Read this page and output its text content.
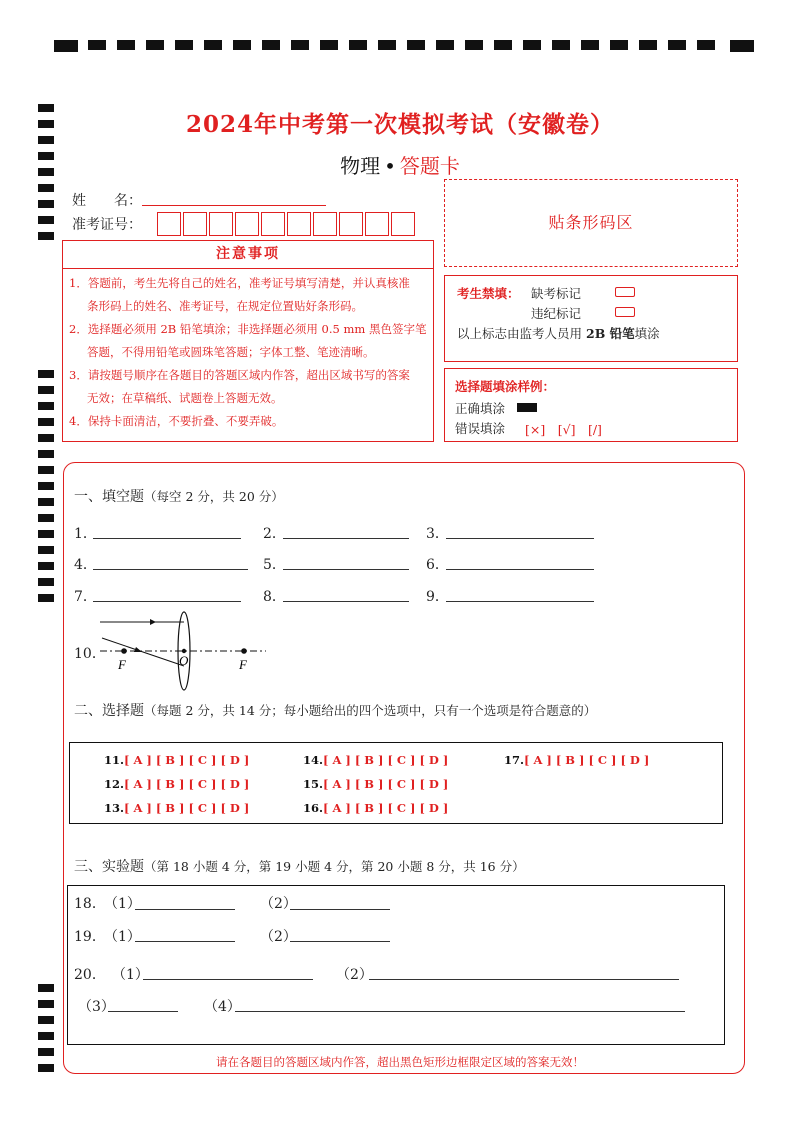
2024年中考第一次模拟考试（安徽卷）
物理 • 答题卡
姓　　名：
准考证号：	贴条形码区
注意事项
1．答题前，考生先将自己的姓名，准考证号填写清楚，并认真核准
条形码上的姓名、准考证号，在规定位置贴好条形码。
2．选择题必须用 2B 铅笔填涂；非选择题必须用 0.5 mm 黑色签字笔
答题，不得用铅笔或圆珠笔答题；字体工整、笔迹清晰。
3．请按题号顺序在各题目的答题区域内作答，超出区域书写的答案
无效；在草稿纸、试题卷上答题无效。
4．保持卡面清洁，不要折叠、不要弄破。
考生禁填： 缺考标记
违纪标记
以上标志由监考人员用 2B 铅笔填涂
选择题填涂样例：
正确填涂
错误填涂 [×]　[√]　[/]
一、填空题（每空 2 分，共 20 分）
1．	2．	3．
4．	5．	6．
7．	8．	9．
10．
F	O	F
二、选择题（每题 2 分，共 14 分；每小题给出的四个选项中，只有一个选项是符合题意的）
11.[ A ] [ B ] [ C ] [ D ]
12.[ A ] [ B ] [ C ] [ D ]
13.[ A ] [ B ] [ C ] [ D ]
14.[ A ] [ B ] [ C ] [ D ]
15.[ A ] [ B ] [ C ] [ D ]
16.[ A ] [ B ] [ C ] [ D ]
17.[ A ] [ B ] [ C ] [ D ]
三、实验题（第 18 小题 4 分，第 19 小题 4 分，第 20 小题 8 分，共 16 分）
18．
（1）	（2）
19．
（1）	（2）
20． （1）	（2）
（3）	（4）
请在各题目的答题区域内作答，超出黑色矩形边框限定区域的答案无效！
